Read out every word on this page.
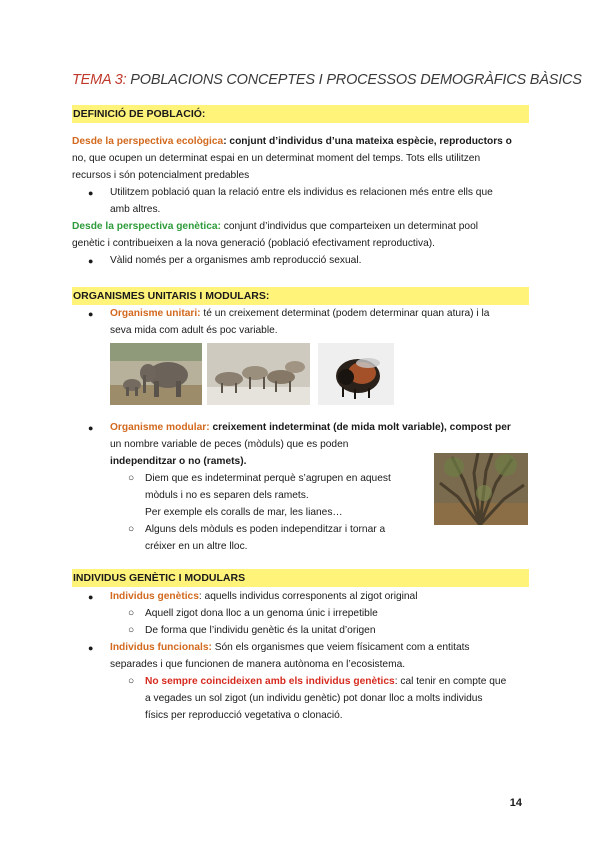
TEMA 3: POBLACIONS CONCEPTES I PROCESSOS DEMOGRÀFICS BÀSICS
DEFINICIÓ DE POBLACIÓ:
Desde la perspectiva ecològica: conjunt d’individus d’una mateixa espècie, reproductors o
no, que ocupen un determinat espai en un determinat moment del temps. Tots ells utilitzen
recursos i són potencialment predables
● Utilitzem població quan la relació entre els individus es relacionen més entre ells que
amb altres.
Desde la perspectiva genètica: conjunt d’individus que comparteixen un determinat pool
genètic i contribueixen a la nova generació (població efectivament reproductiva).
● Vàlid només per a organismes amb reproducció sexual.
ORGANISMES UNITARIS I MODULARS:
● Organisme unitari: té un creixement determinat (podem determinar quan atura) i la
seva mida com adult és poc variable.
● Organisme modular: creixement indeterminat (de mida molt variable), compost per
un nombre variable de peces (mòduls) que es poden
independitzar o no (ramets).
○ Diem que es indeterminat perquè s’agrupen en aquest
mòduls i no es separen dels ramets.
Per exemple els coralls de mar, les lianes…
○ Alguns dels mòduls es poden independitzar i tornar a
créixer en un altre lloc.
INDIVIDUS GENÈTIC I MODULARS
● Individus genètics: aquells individus corresponents al zigot original
○ Aquell zigot dona lloc a un genoma únic i irrepetible
○ De forma que l’individu genètic és la unitat d’origen
● Individus funcionals: Són els organismes que veiem físicament com a entitats
separades i que funcionen de manera autònoma en l’ecosistema.
○ No sempre coincideixen amb els individus genètics: cal tenir en compte que
a vegades un sol zigot (un individu genètic) pot donar lloc a molts individus
físics per reproducció vegetativa o clonació.
14
